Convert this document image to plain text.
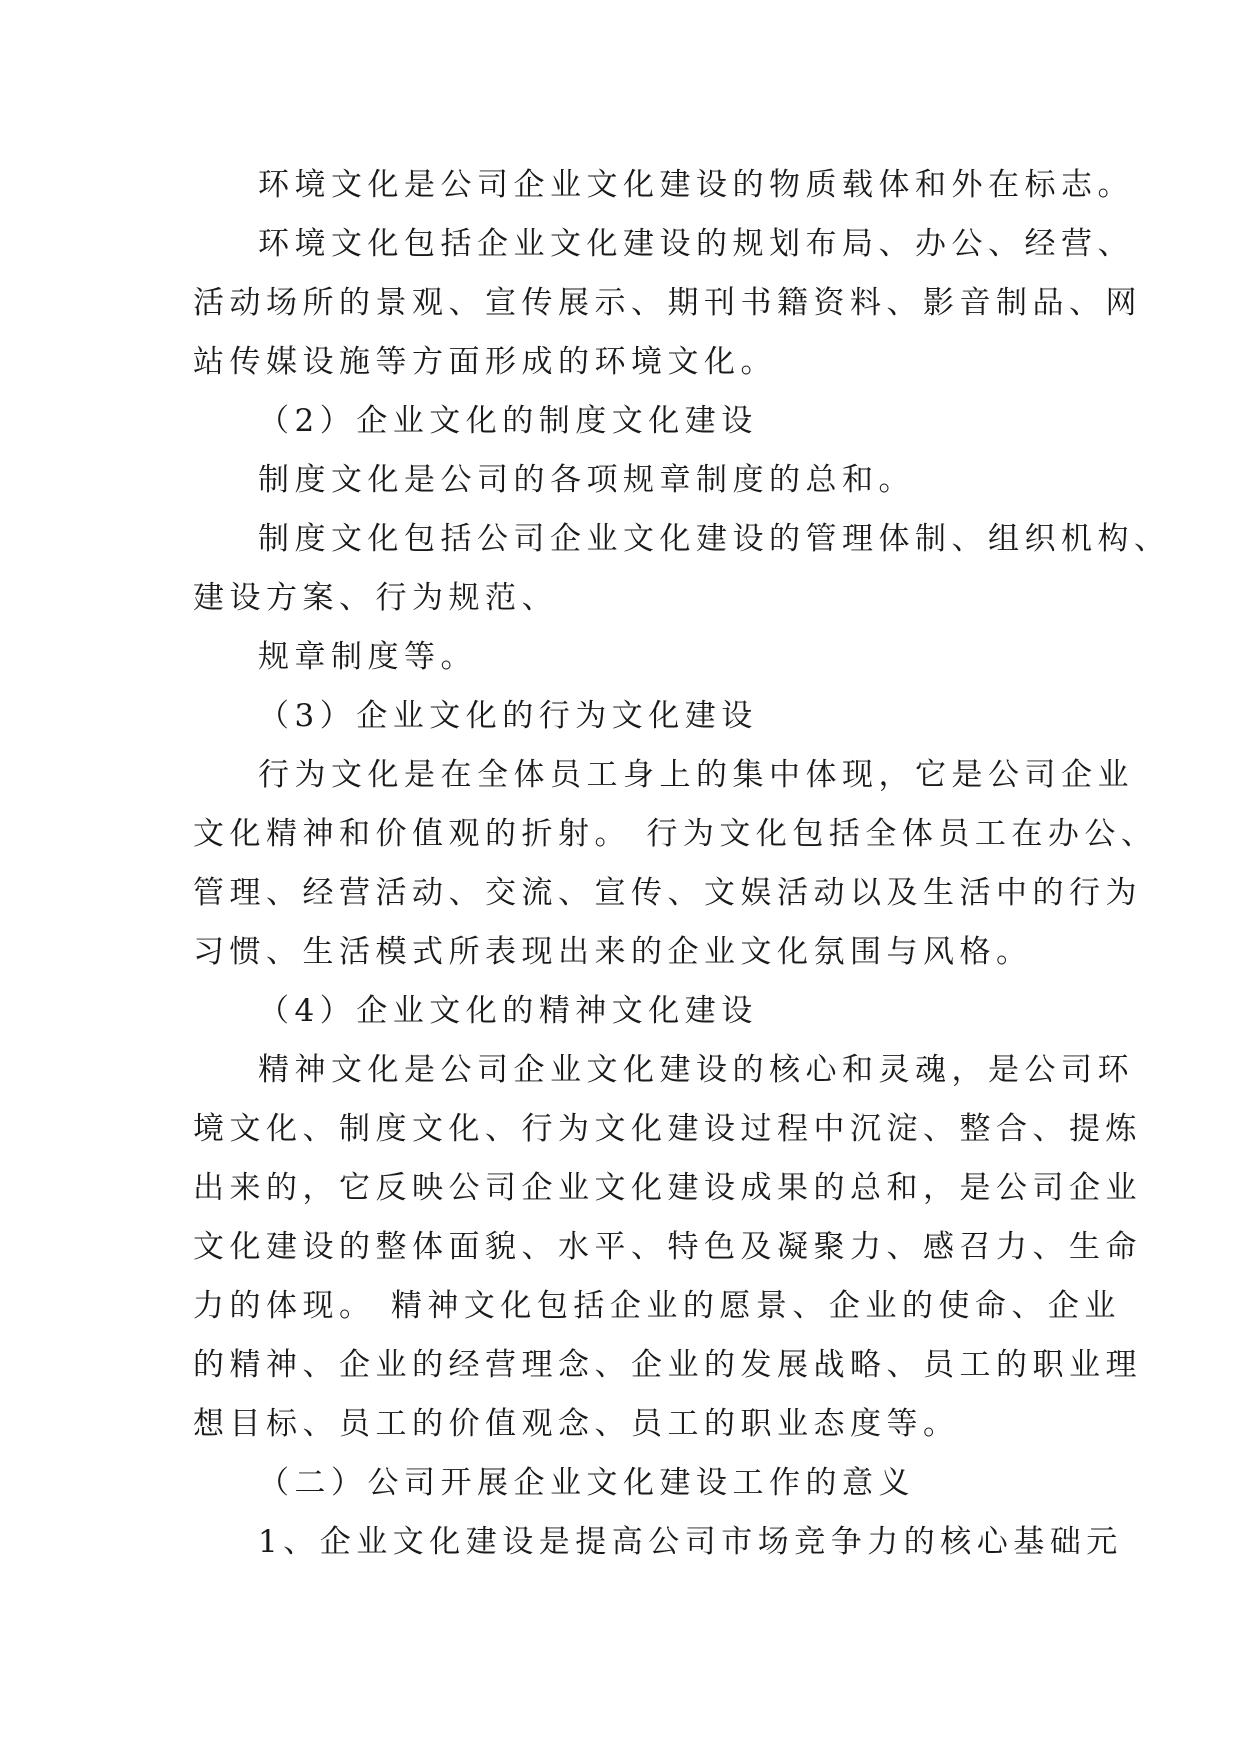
环境文化是公司企业文化建设的物质载体和外在标志。
环境文化包括企业文化建设的规划布局、办公、经营、
活动场所的景观、宣传展示、期刊书籍资料、影音制品、网
站传媒设施等方面形成的环境文化。
（2）企业文化的制度文化建设
制度文化是公司的各项规章制度的总和。
制度文化包括公司企业文化建设的管理体制、组织机构、
建设方案、行为规范、
规章制度等。
（3）企业文化的行为文化建设
行为文化是在全体员工身上的集中体现，它是公司企业
文化精神和价值观的折射。 行为文化包括全体员工在办公、
管理、经营活动、交流、宣传、文娱活动以及生活中的行为
习惯、生活模式所表现出来的企业文化氛围与风格。
（4）企业文化的精神文化建设
精神文化是公司企业文化建设的核心和灵魂，是公司环
境文化、制度文化、行为文化建设过程中沉淀、整合、提炼
出来的，它反映公司企业文化建设成果的总和，是公司企业
文化建设的整体面貌、水平、特色及凝聚力、感召力、生命
力的体现。 精神文化包括企业的愿景、企业的使命、企业
的精神、企业的经营理念、企业的发展战略、员工的职业理
想目标、员工的价值观念、员工的职业态度等。
（二）公司开展企业文化建设工作的意义
1、企业文化建设是提高公司市场竞争力的核心基础元
